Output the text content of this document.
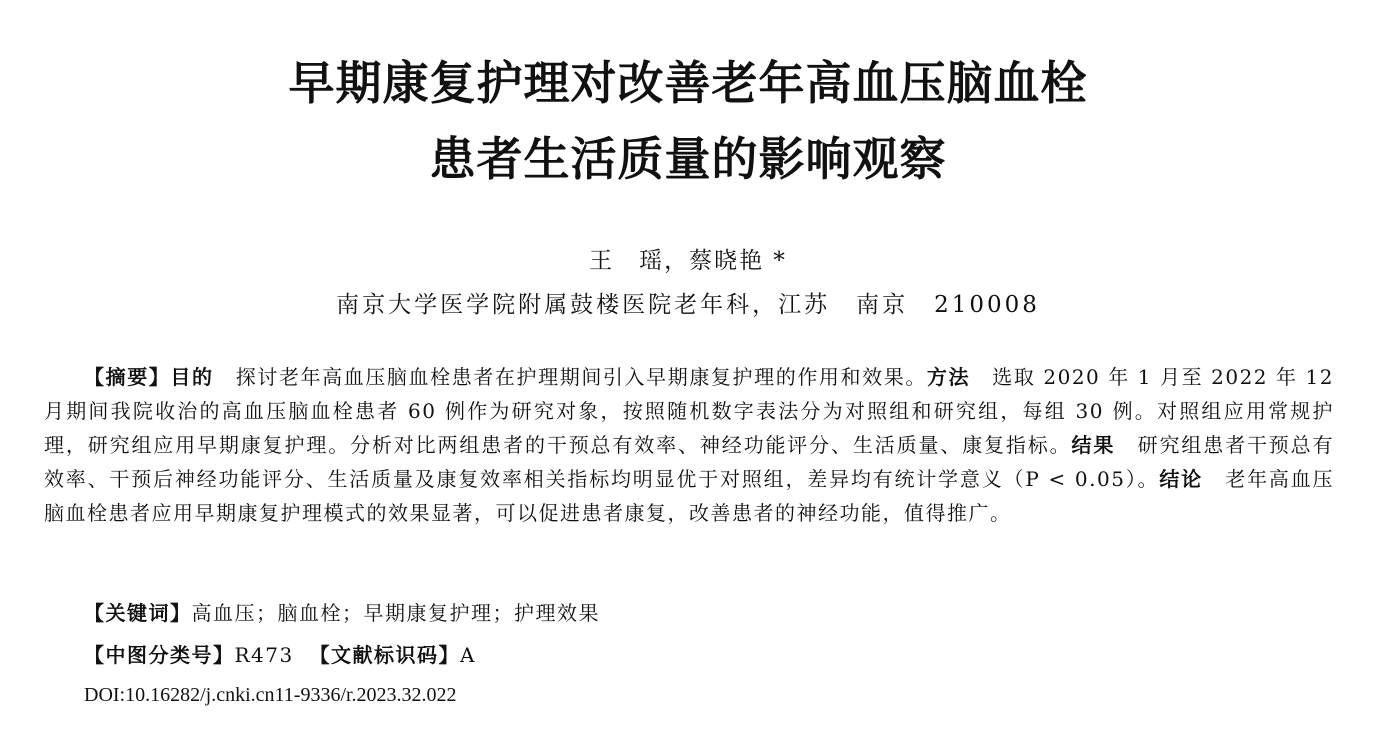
早期康复护理对改善老年高血压脑血栓
患者生活质量的影响观察
王　瑶，蔡晓艳 *
南京大学医学院附属鼓楼医院老年科，江苏　南京　210008
【摘要】目的 探讨老年高血压脑血栓患者在护理期间引入早期康复护理的作用和效果。方法 选取 2020 年 1 月至 2022 年 12 月期间我院收治的高血压脑血栓患者 60 例作为研究对象，按照随机数字表法分为对照组和研究组，每组 30 例。对照组应用常规护理，研究组应用早期康复护理。分析对比两组患者的干预总有效率、神经功能评分、生活质量、康复指标。结果 研究组患者干预总有效率、干预后神经功能评分、生活质量及康复效率相关指标均明显优于对照组，差异均有统计学意义（P < 0.05）。结论 老年高血压脑血栓患者应用早期康复护理模式的效果显著，可以促进患者康复，改善患者的神经功能，值得推广。
【关键词】高血压；脑血栓；早期康复护理；护理效果
【中图分类号】R473 【文献标识码】A
DOI:10.16282/j.cnki.cn11-9336/r.2023.32.022
